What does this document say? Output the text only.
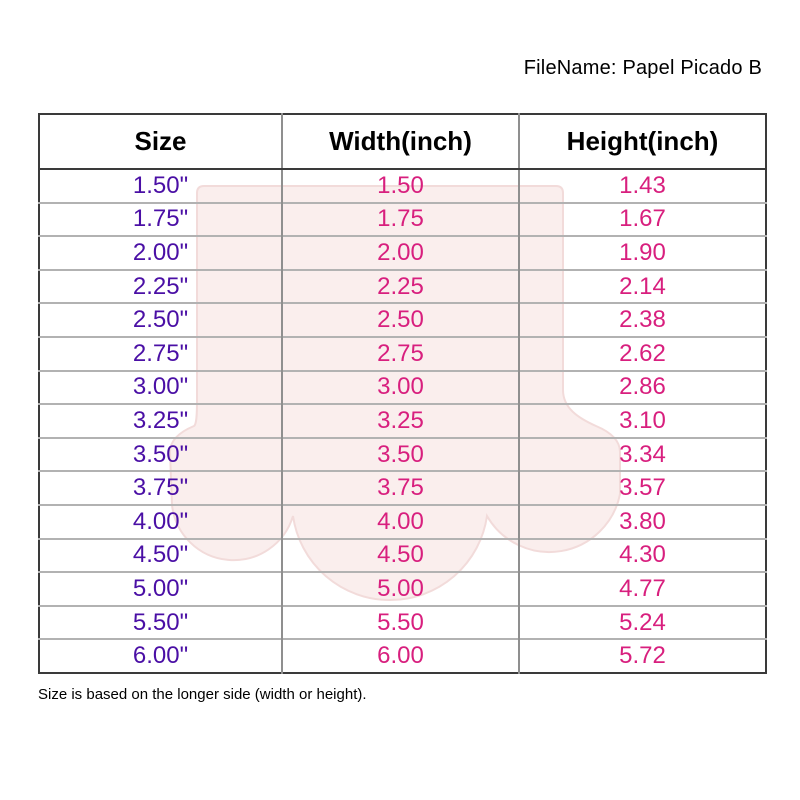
FileName: Papel Picado B
Size	Width(inch)	Height(inch)
1.50"	1.50	1.43
1.75"	1.75	1.67
2.00"	2.00	1.90
2.25"	2.25	2.14
2.50"	2.50	2.38
2.75"	2.75	2.62
3.00"	3.00	2.86
3.25"	3.25	3.10
3.50"	3.50	3.34
3.75"	3.75	3.57
4.00"	4.00	3.80
4.50"	4.50	4.30
5.00"	5.00	4.77
5.50"	5.50	5.24
6.00"	6.00	5.72
Size is based on the longer side (width or height).
